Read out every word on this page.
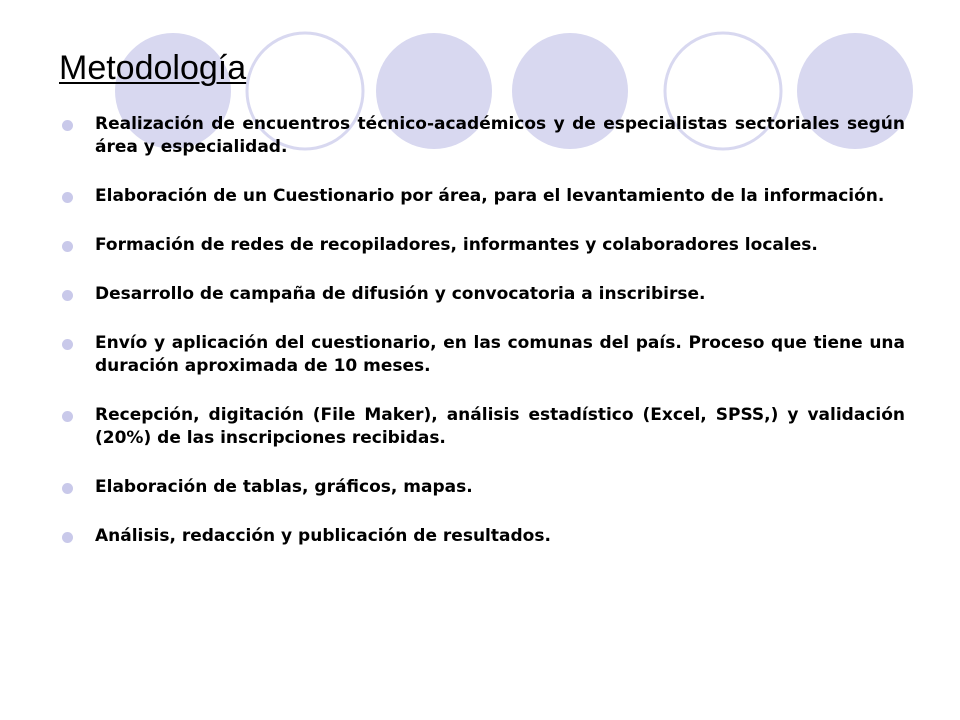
Metodología
Realización de encuentros técnico-académicos y de especialistas sectoriales según área y especialidad.
Elaboración de un Cuestionario por área, para el levantamiento de la información.
Formación de redes de recopiladores, informantes y colaboradores locales.
Desarrollo de campaña de difusión y convocatoria a inscribirse.
Envío y aplicación del cuestionario, en las comunas del país. Proceso que tiene una duración aproximada de 10 meses.
Recepción, digitación (File Maker), análisis estadístico (Excel, SPSS,) y validación (20%) de las inscripciones recibidas.
Elaboración de tablas, gráficos, mapas.
Análisis, redacción y publicación de resultados.
